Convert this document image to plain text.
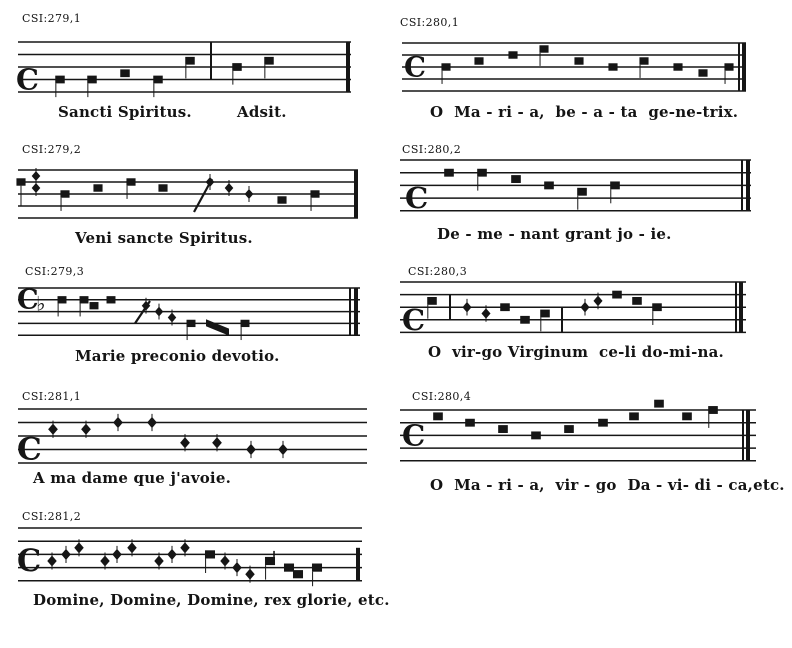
C
C
♭
C
C
C
C
C
C
CSI:279,1
CSI:279,2
CSI:279,3
CSI:281,1
CSI:281,2
CSI:280,1
CSI:280,2
CSI:280,3
CSI:280,4
Sancti Spiritus.	Adsit.
Veni sancte Spiritus.
Marie preconio devotio.
A ma dame que j'avoie.
Domine, Domine, Domine, rex glorie, etc.
O  Ma - ri - a,  be - a - ta  ge-ne-trix.
De - me - nant grant jo - ie.
O  vir-go Virginum  ce-li do-mi-na.
O  Ma - ri - a,  vir - go  Da - vi- di - ca,etc.
